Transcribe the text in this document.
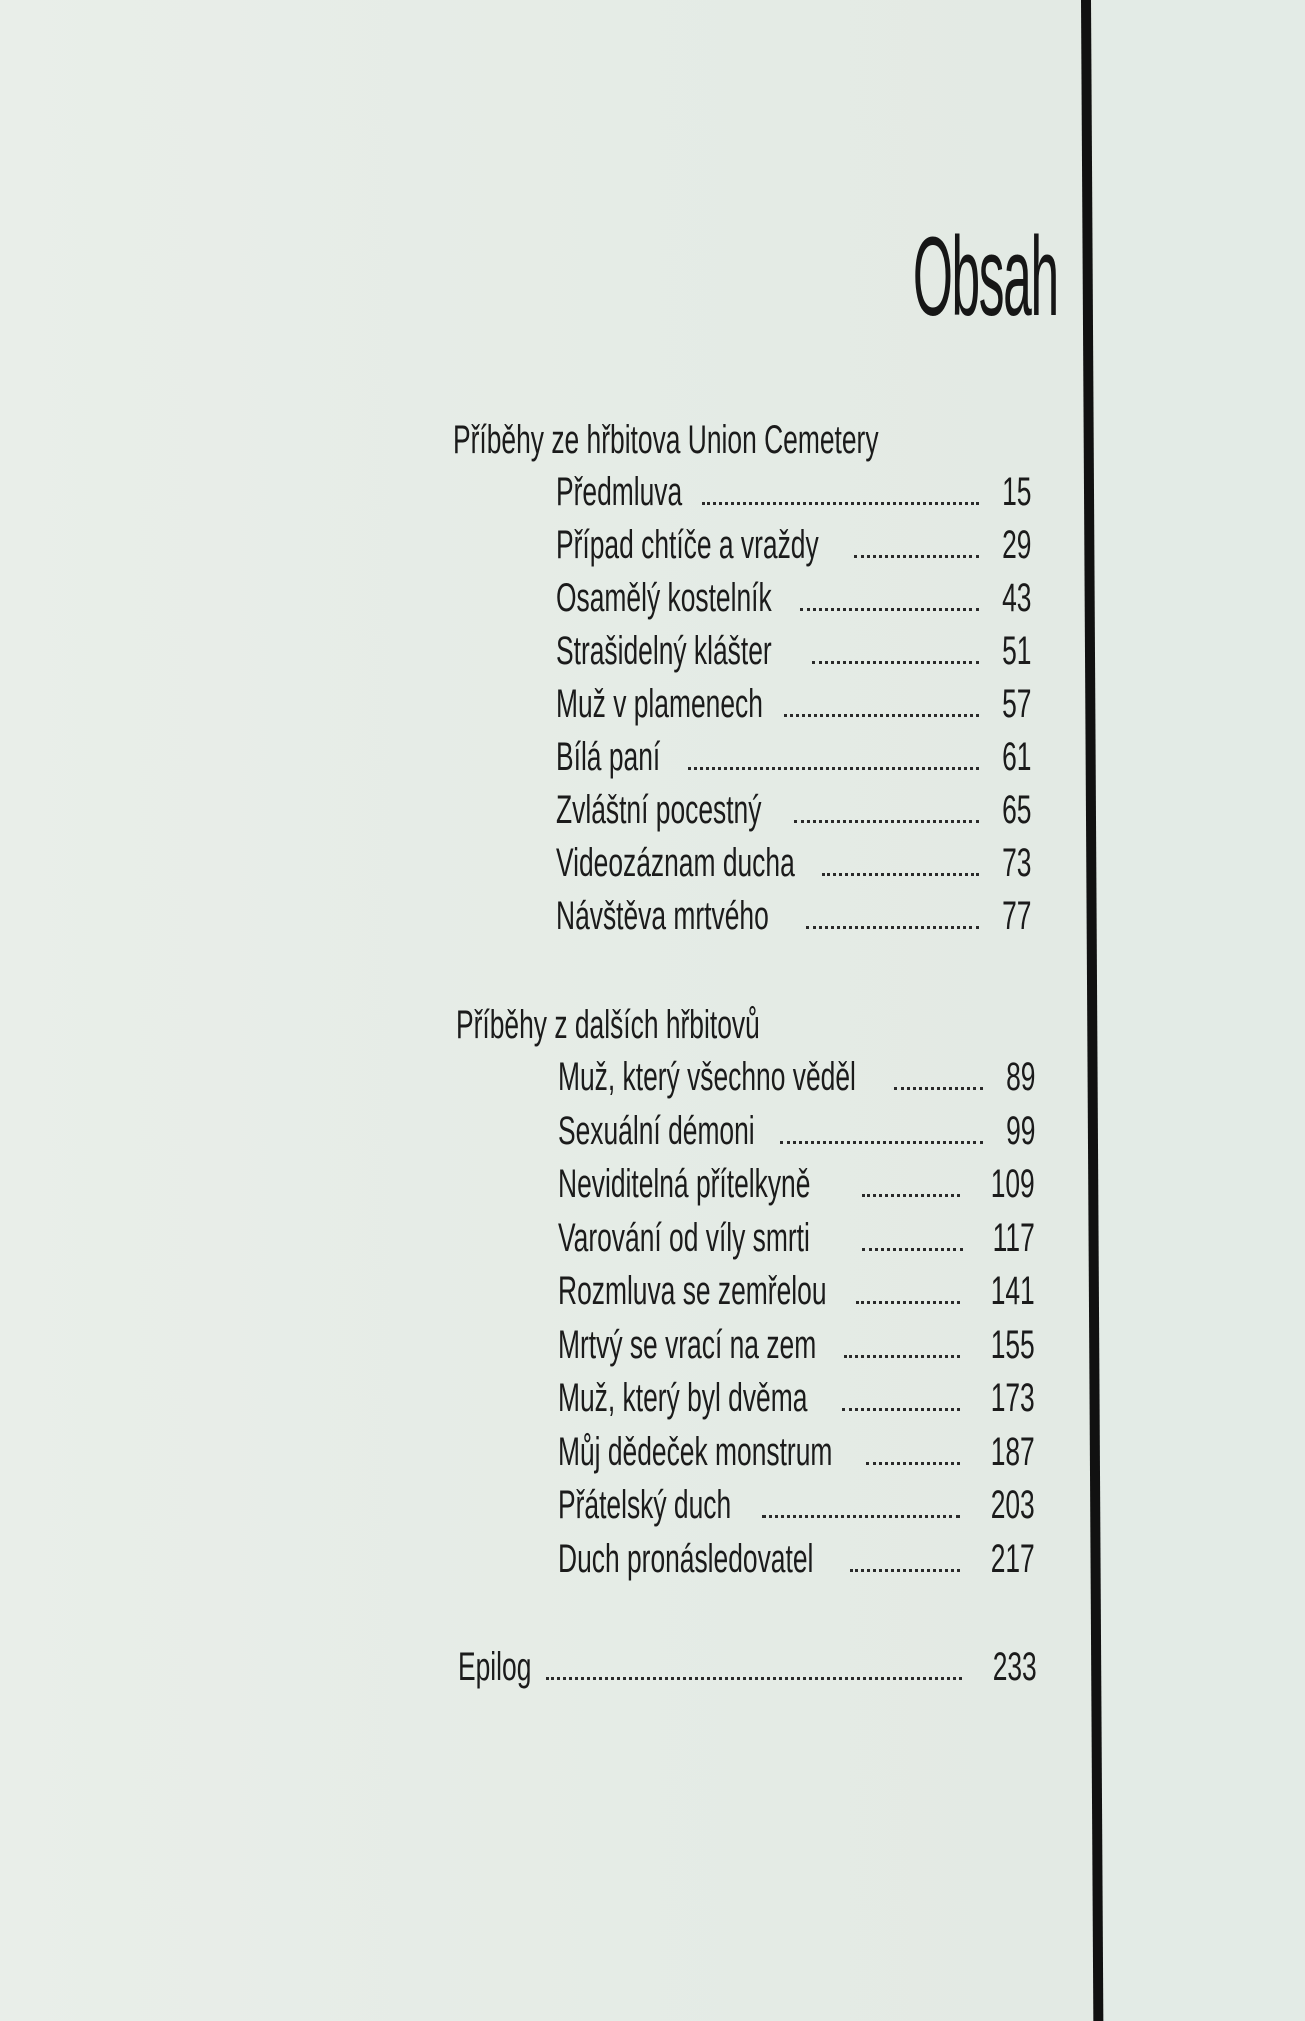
Obsah
Příběhy ze hřbitova Union Cemetery
Předmluva	15
Případ chtíče a vraždy	29
Osamělý kostelník	43
Strašidelný klášter	51
Muž v plamenech	57
Bílá paní	61
Zvláštní pocestný	65
Videozáznam ducha	73
Návštěva mrtvého	77
Příběhy z dalších hřbitovů
Muž, který všechno věděl	89
Sexuální démoni	99
Neviditelná přítelkyně	109
Varování od víly smrti	117
Rozmluva se zemřelou	141
Mrtvý se vrací na zem	155
Muž, který byl dvěma	173
Můj dědeček monstrum	187
Přátelský duch	203
Duch pronásledovatel	217
Epilog	233
